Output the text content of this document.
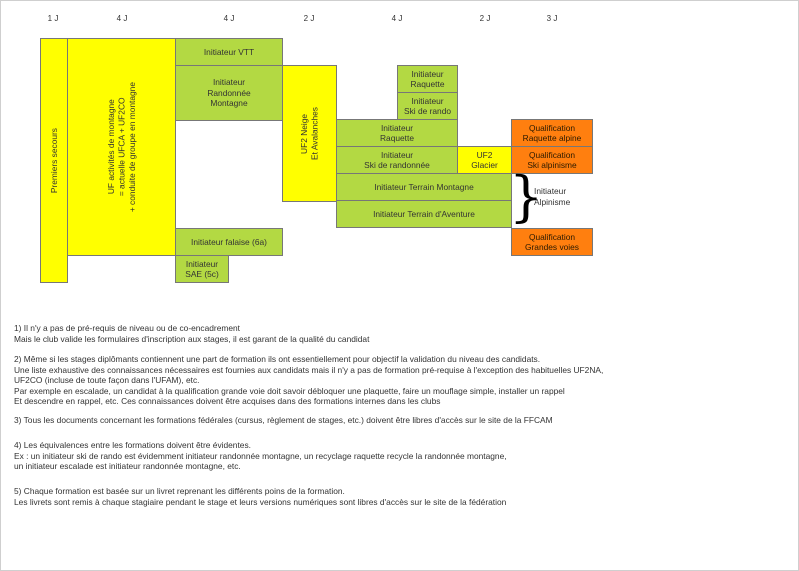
1 J	4 J	4 J	2 J	4 J	2 J	3 J
Premiers secours	UF activités de montagne
= actuelle UFCA + UF2CO
+ conduite de groupe en montagne
Initiateur VTT
Initiateur
Randonnée
Montagne
Initiateur falaise (6a)
Initiateur
SAE (5c)
UF2 Neige
Et Avalanches
Initiateur
Raquette
Initiateur
Ski de rando
Initiateur
Raquette
Initiateur
Ski de randonnée
UF2
Glacier
Initiateur Terrain Montagne
Initiateur Terrain d'Aventure
Qualification
Raquette alpine
Qualification
Ski alpinisme
Qualification
Grandes voies
}
Initiateur
Alpinisme
1) Il n'y a pas de pré-requis de niveau ou de co-encadrement
Mais le club valide les formulaires d'inscription aux stages, il est garant de la qualité du candidat
2) Même si les stages diplômants contiennent une part de formation ils ont essentiellement pour objectif la validation du niveau des candidats.
Une liste exhaustive des connaissances nécessaires est fournies aux candidats mais il n'y a pas de formation pré-requise à l'exception des habituelles UF2NA,
UF2CO (incluse de toute façon dans l'UFAM), etc.
Par exemple en escalade, un candidat à la qualification grande voie doit savoir débloquer une plaquette, faire un mouflage simple, installer un rappel
Et descendre en rappel, etc. Ces connaissances doivent être acquises dans des formations internes dans les clubs
3) Tous les documents concernant les formations fédérales (cursus, règlement de stages, etc.) doivent être libres d'accès sur le site de la FFCAM
4) Les équivalences entre les formations doivent être évidentes.
Ex : un initiateur ski de rando est évidemment initiateur randonnée montagne, un recyclage raquette recycle la randonnée montagne,
un initiateur escalade est initiateur randonnée montagne, etc.
5) Chaque formation est basée sur un livret reprenant les différents poins de la formation.
Les livrets sont remis à chaque stagiaire pendant le stage et leurs versions numériques sont libres d'accès sur le site de la fédération
